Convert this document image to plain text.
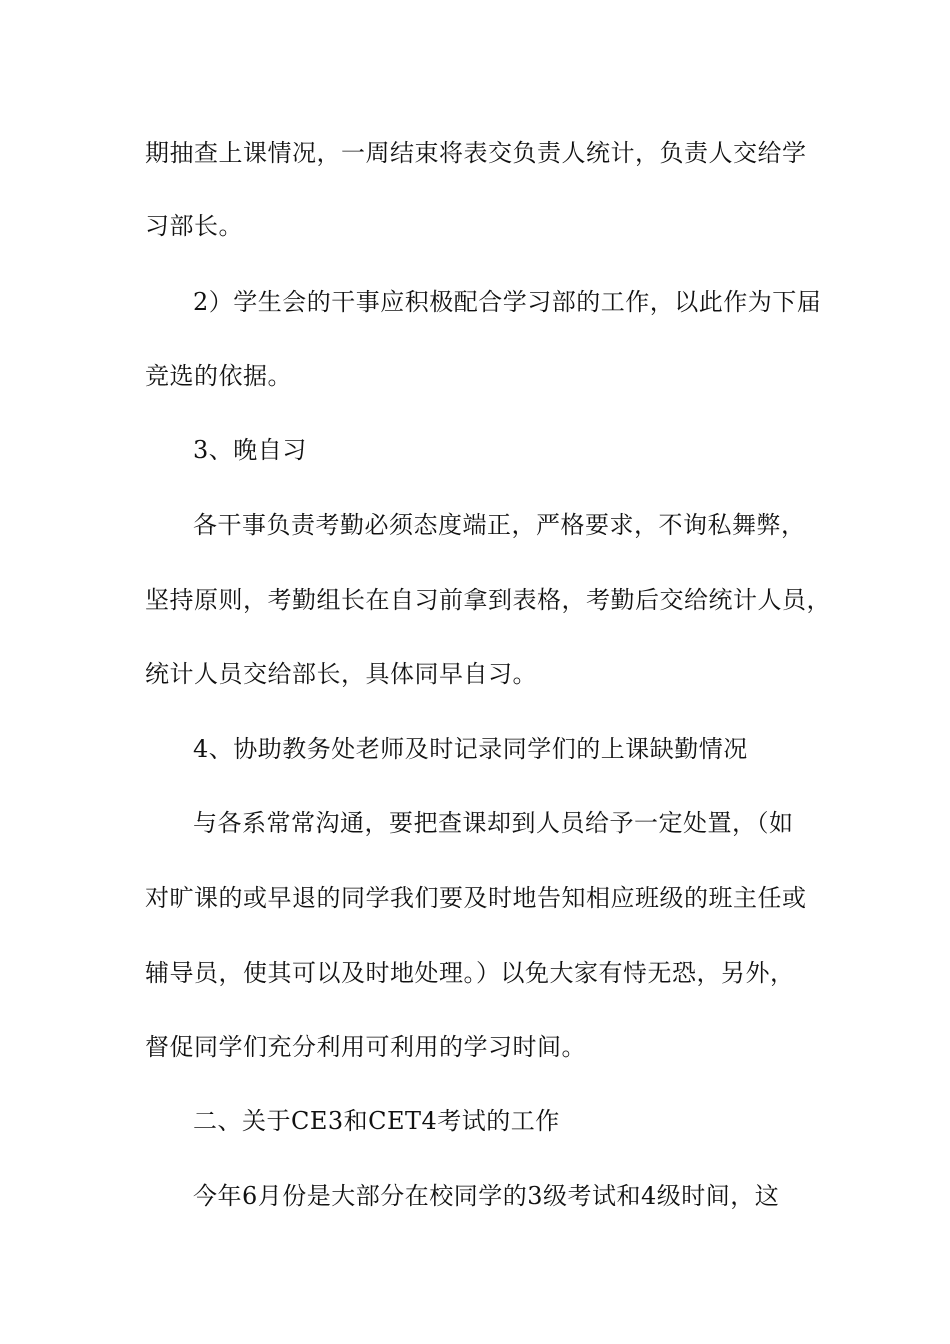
期抽查上课情况，一周结束将表交负责人统计，负责人交给学
习部长。
2）学生会的干事应积极配合学习部的工作，以此作为下届
竞选的依据。
3、晚自习
各干事负责考勤必须态度端正，严格要求，不询私舞弊，
坚持原则，考勤组长在自习前拿到表格，考勤后交给统计人员，
统计人员交给部长，具体同早自习。
4、协助教务处老师及时记录同学们的上课缺勤情况
与各系常常沟通，要把查课却到人员给予一定处置，（如
对旷课的或早退的同学我们要及时地告知相应班级的班主任或
辅导员，使其可以及时地处理。）以免大家有恃无恐，另外，
督促同学们充分利用可利用的学习时间。
二、关于CE3和CET4考试的工作
今年6月份是大部分在校同学的3级考试和4级时间，这
